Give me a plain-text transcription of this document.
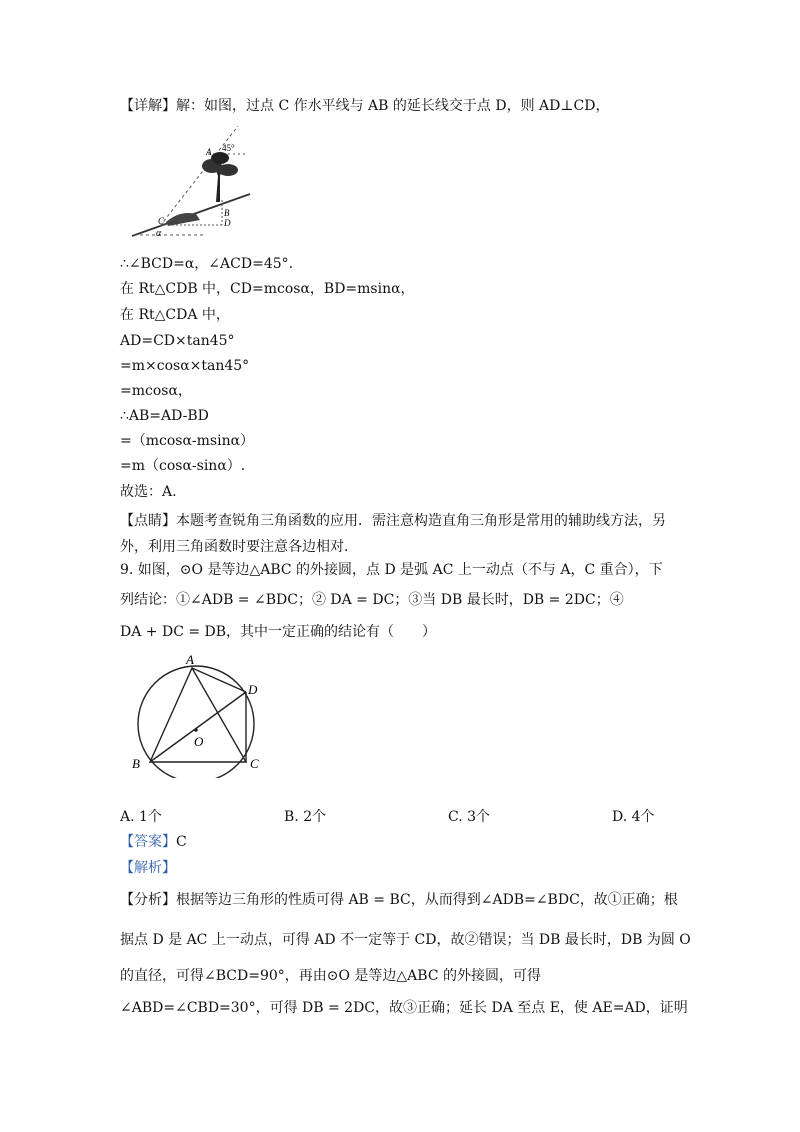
【详解】解：如图，过点 C 作水平线与 AB 的延长线交于点 D，则 AD⊥CD，
A 45°
C
B
D
α
∴∠BCD=α，∠ACD=45°.
在 Rt△CDB 中，CD=mcosα，BD=msinα，
在 Rt△CDA 中，
AD=CD×tan45°
=m×cosα×tan45°
=mcosα，
∴AB=AD-BD
=（mcosα-msinα）
=m（cosα-sinα）.
故选：A.
【点睛】本题考查锐角三角函数的应用．需注意构造直角三角形是常用的辅助线方法，另外，利用三角函数时要注意各边相对．
9. 如图，⊙O 是等边△ABC 的外接圆，点 D 是弧 AC 上一动点（不与 A，C 重合），下
列结论：①∠ADB = ∠BDC；② DA = DC；③当 DB 最长时，DB = 2DC；④
DA + DC = DB，其中一定正确的结论有（　　）
A
D
O
B	C
A. 1个	B. 2个	C. 3个	D. 4个
【答案】C
【解析】
【分析】根据等边三角形的性质可得 AB = BC，从而得到∠ADB=∠BDC，故①正确；根
据点 D 是 AC 上一动点，可得 AD 不一定等于 CD，故②错误；当 DB 最长时，DB 为圆 O
的直径，可得∠BCD=90°，再由⊙O 是等边△ABC 的外接圆，可得
∠ABD=∠CBD=30°，可得 DB = 2DC，故③正确；延长 DA 至点 E，使 AE=AD，证明
